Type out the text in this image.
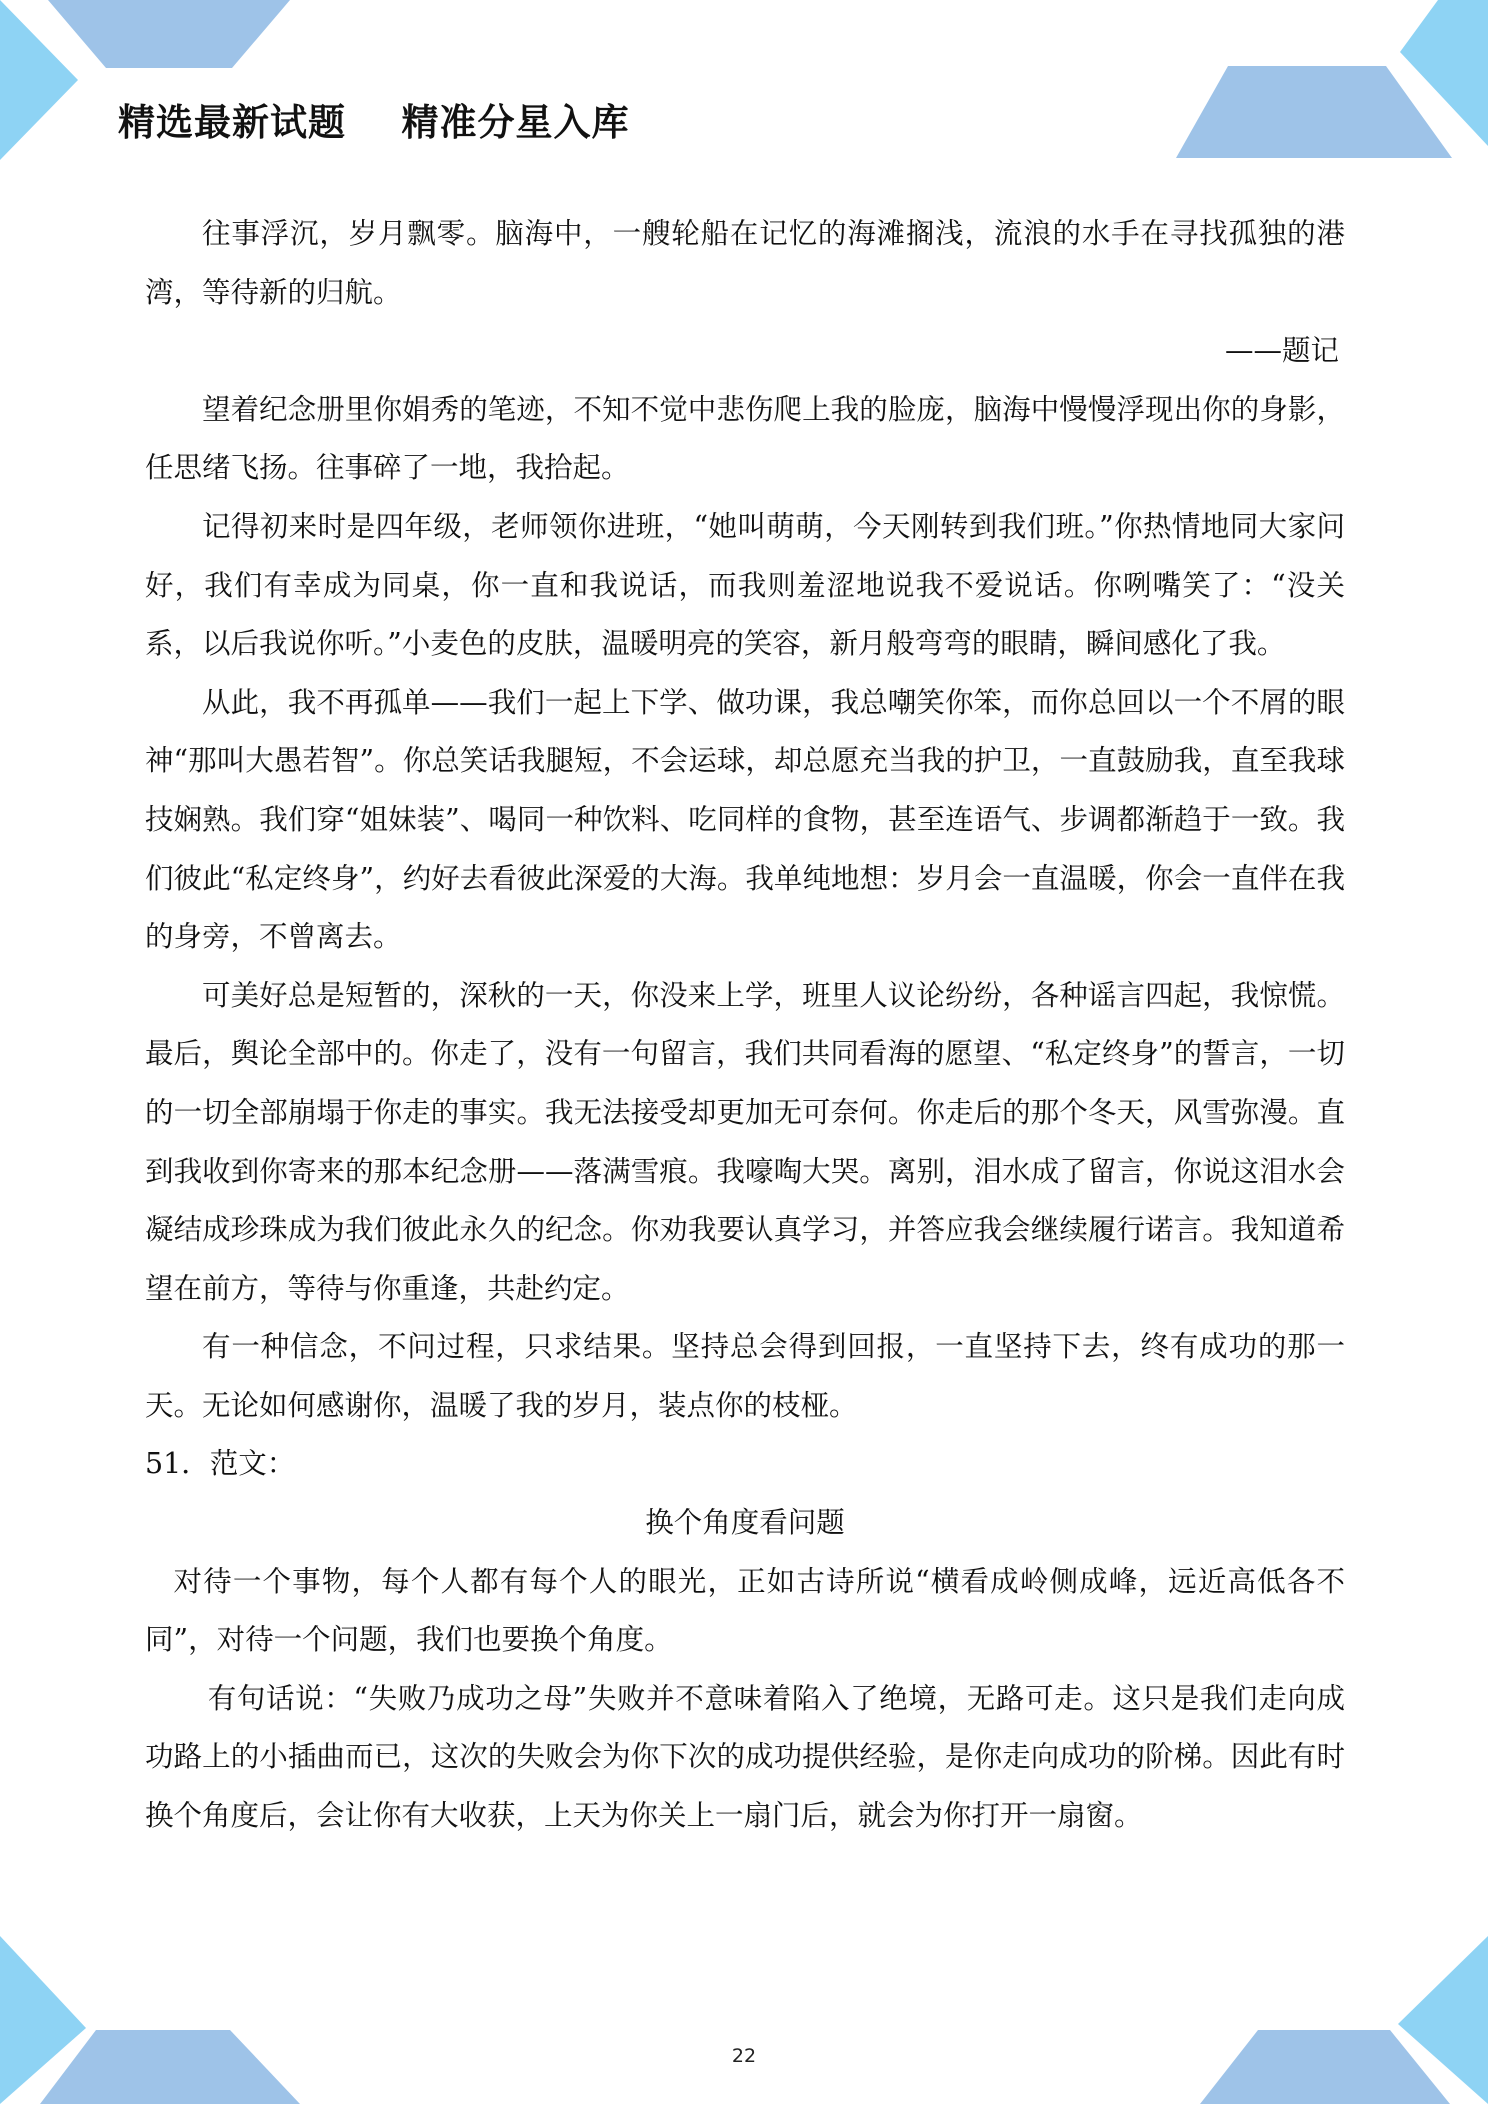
精选最新试题    精准分星入库

往事浮沉，岁月飘零。脑海中，一艘轮船在记忆的海滩搁浅，流浪的水手在寻找孤独的港湾，等待新的归航。

——题记

望着纪念册里你娟秀的笔迹，不知不觉中悲伤爬上我的脸庞，脑海中慢慢浮现出你的身影，任思绪飞扬。往事碎了一地，我拾起。

记得初来时是四年级，老师领你进班，“她叫萌萌，今天刚转到我们班。”你热情地同大家问好，我们有幸成为同桌，你一直和我说话，而我则羞涩地说我不爱说话。你咧嘴笑了：“没关系，以后我说你听。”小麦色的皮肤，温暖明亮的笑容，新月般弯弯的眼睛，瞬间感化了我。

从此，我不再孤单——我们一起上下学、做功课，我总嘲笑你笨，而你总回以一个不屑的眼神“那叫大愚若智”。你总笑话我腿短，不会运球，却总愿充当我的护卫，一直鼓励我，直至我球技娴熟。我们穿“姐妹装”、喝同一种饮料、吃同样的食物，甚至连语气、步调都渐趋于一致。我们彼此“私定终身”，约好去看彼此深爱的大海。我单纯地想：岁月会一直温暖，你会一直伴在我的身旁，不曾离去。

可美好总是短暂的，深秋的一天，你没来上学，班里人议论纷纷，各种谣言四起，我惊慌。最后，舆论全部中的。你走了，没有一句留言，我们共同看海的愿望、“私定终身”的誓言，一切的一切全部崩塌于你走的事实。我无法接受却更加无可奈何。你走后的那个冬天，风雪弥漫。直到我收到你寄来的那本纪念册——落满雪痕。我嚎啕大哭。离别，泪水成了留言，你说这泪水会凝结成珍珠成为我们彼此永久的纪念。你劝我要认真学习，并答应我会继续履行诺言。我知道希望在前方，等待与你重逢，共赴约定。

有一种信念，不问过程，只求结果。坚持总会得到回报，一直坚持下去，终有成功的那一天。无论如何感谢你，温暖了我的岁月，装点你的枝桠。

51．范文：

换个角度看问题

对待一个事物，每个人都有每个人的眼光，正如古诗所说“横看成岭侧成峰，远近高低各不同”，对待一个问题，我们也要换个角度。

有句话说：“失败乃成功之母”失败并不意味着陷入了绝境，无路可走。这只是我们走向成功路上的小插曲而已，这次的失败会为你下次的成功提供经验，是你走向成功的阶梯。因此有时换个角度后，会让你有大收获，上天为你关上一扇门后，就会为你打开一扇窗。

22
